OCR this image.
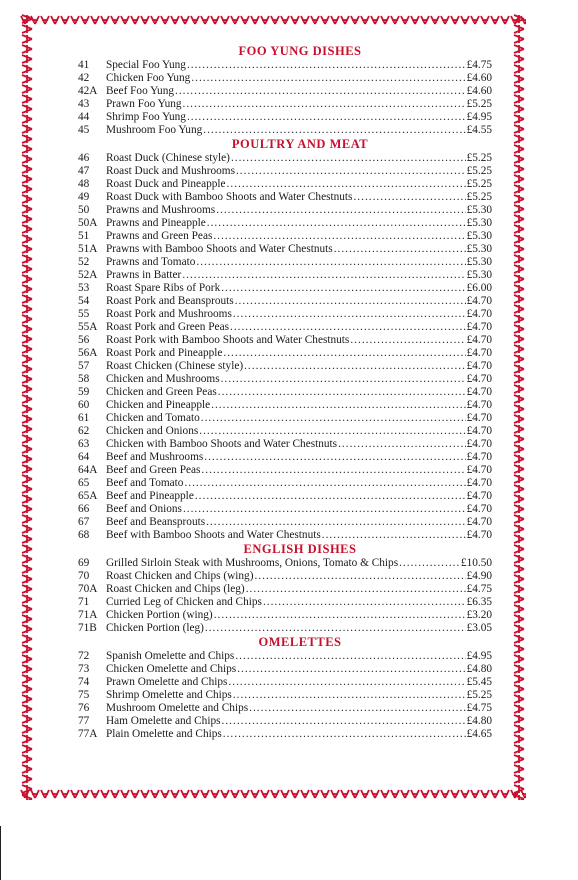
FOO YUNG DISHES
41	Special Foo Yung .....	£4.75
42	Chicken Foo Yung .....	£4.60
42A Beef Foo Yung .....	£4.60
43	Prawn Foo Yung .....	£5.25
44	Shrimp Foo Yung .....	£4.95
45	Mushroom Foo Yung .....	£4.55
POULTRY AND MEAT
46	Roast Duck (Chinese style) .....	£5.25
47	Roast Duck and Mushrooms .....	£5.25
48	Roast Duck and Pineapple .....	£5.25
49	Roast Duck with Bamboo Shoots and Water Chestnuts .....	£5.25
50	Prawns and Mushrooms .....	£5.30
50A Prawns and Pineapple .....	£5.30
51	Prawns and Green Peas .....	£5.30
51A Prawns with Bamboo Shoots and Water Chestnuts .....	£5.30
52	Prawns and Tomato .....	£5.30
52A Prawns in Batter .....	£5.30
53	Roast Spare Ribs of Pork .....	£6.00
54	Roast Pork and Beansprouts .....	£4.70
55	Roast Pork and Mushrooms .....	£4.70
55A Roast Pork and Green Peas .....	£4.70
56	Roast Pork with Bamboo Shoots and Water Chestnuts .....	£4.70
56A Roast Pork and Pineapple .....	£4.70
57	Roast Chicken (Chinese style) .....	£4.70
58	Chicken and Mushrooms .....	£4.70
59	Chicken and Green Peas .....	£4.70
60	Chicken and Pineapple .....	£4.70
61	Chicken and Tomato .....	£4.70
62	Chicken and Onions .....	£4.70
63	Chicken with Bamboo Shoots and Water Chestnuts .....	£4.70
64	Beef and Mushrooms .....	£4.70
64A Beef and Green Peas .....	£4.70
65	Beef and Tomato .....	£4.70
65A Beef and Pineapple .....	£4.70
66	Beef and Onions .....	£4.70
67	Beef and Beansprouts .....	£4.70
68	Beef with Bamboo Shoots and Water Chestnuts .....	£4.70
ENGLISH DISHES
69	Grilled Sirloin Steak with Mushrooms, Onions, Tomato & Chips .....	£10.50
70	Roast Chicken and Chips (wing) .....	£4.90
70A Roast Chicken and Chips (leg) .....	£4.75
71	Curried Leg of Chicken and Chips .....	£6.35
71A Chicken Portion (wing) .....	£3.20
71B Chicken Portion (leg) .....	£3.05
OMELETTES
72	Spanish Omelette and Chips .....	£4.95
73	Chicken Omelette and Chips .....	£4.80
74	Prawn Omelette and Chips .....	£5.45
75	Shrimp Omelette and Chips .....	£5.25
76	Mushroom Omelette and Chips .....	£4.75
77	Ham Omelette and Chips .....	£4.80
77A Plain Omelette and Chips .....	£4.65
